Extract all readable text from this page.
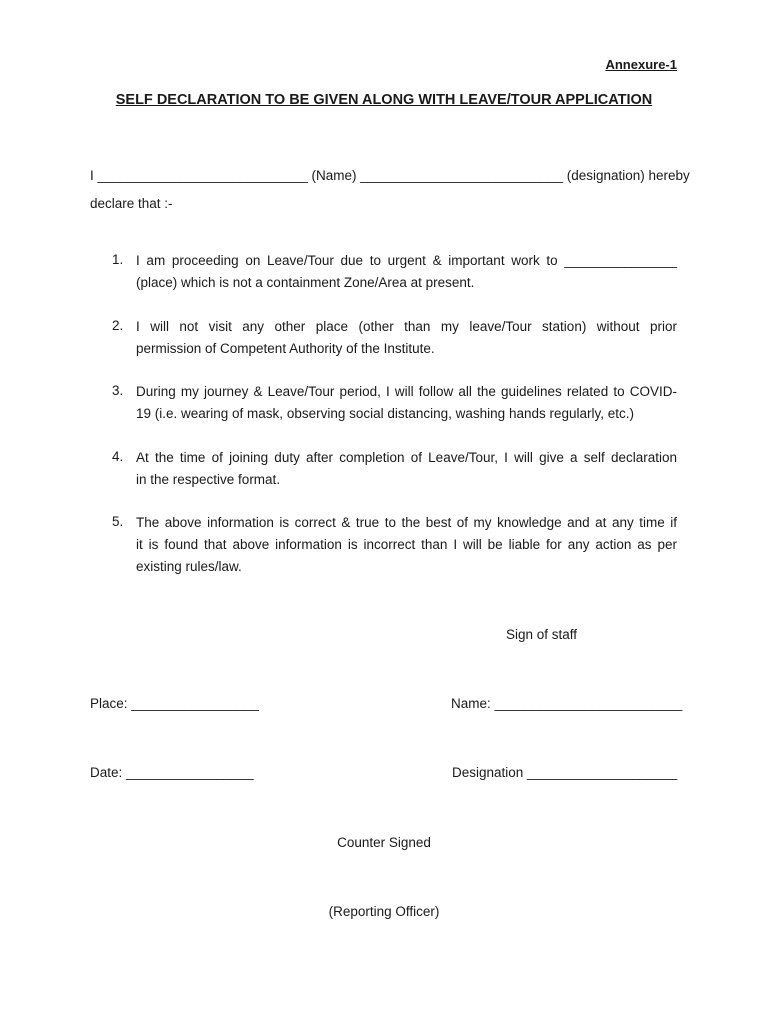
Annexure-1
SELF DECLARATION TO BE GIVEN ALONG WITH LEAVE/TOUR APPLICATION
I ____________________________ (Name) ___________________________ (designation) hereby
declare that :-
1. I am proceeding on Leave/Tour due to urgent & important work to _______________
(place) which is not a containment Zone/Area at present.
2. I will not visit any other place (other than my leave/Tour station) without prior
permission of Competent Authority of the Institute.
3. During my journey & Leave/Tour period, I will follow all the guidelines related to COVID-
19 (i.e. wearing of mask, observing social distancing, washing hands regularly, etc.)
4. At the time of joining duty after completion of Leave/Tour, I will give a self declaration
in the respective format.
5. The above information is correct & true to the best of my knowledge and at any time if
it is found that above information is incorrect than I will be liable for any action as per
existing rules/law.
Sign of staff
Place: _________________	Name: _________________________
Date: _________________	Designation ____________________
Counter Signed
(Reporting Officer)
